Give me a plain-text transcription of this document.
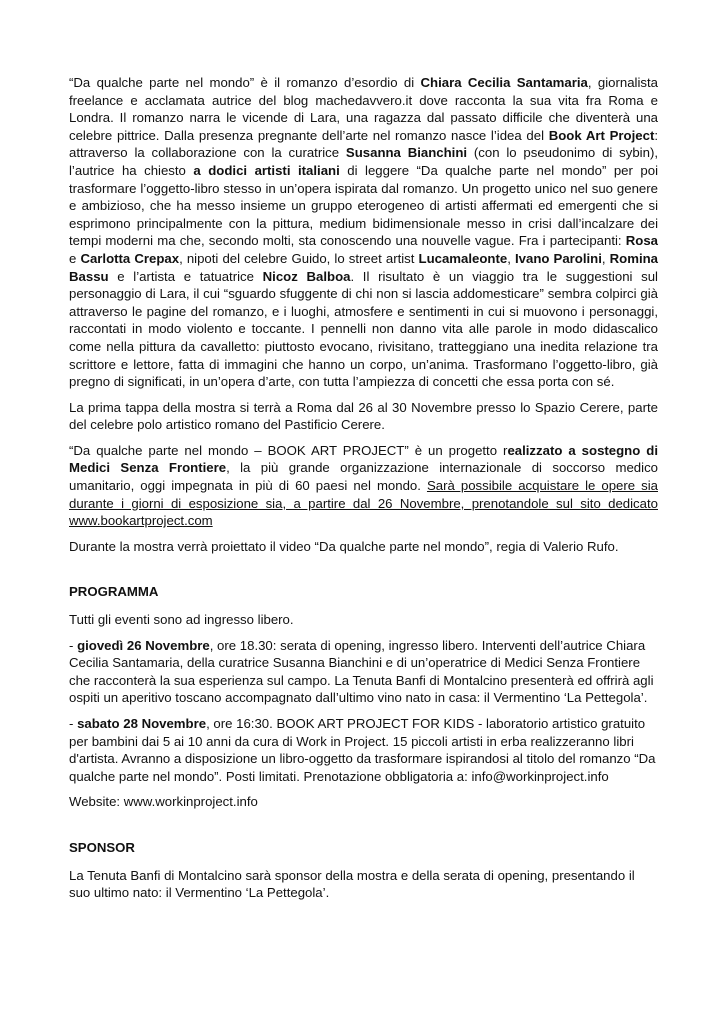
“Da qualche parte nel mondo” è il romanzo d’esordio di Chiara Cecilia Santamaria, giornalista freelance e acclamata autrice del blog machedavvero.it dove racconta la sua vita fra Roma e Londra. Il romanzo narra le vicende di Lara, una ragazza dal passato difficile che diventerà una celebre pittrice. Dalla presenza pregnante dell’arte nel romanzo nasce l’idea del Book Art Project: attraverso la collaborazione con la curatrice Susanna Bianchini (con lo pseudonimo di sybin), l’autrice ha chiesto a dodici artisti italiani di leggere “Da qualche parte nel mondo” per poi trasformare l’oggetto-libro stesso in un’opera ispirata dal romanzo. Un progetto unico nel suo genere e ambizioso, che ha messo insieme un gruppo eterogeneo di artisti affermati ed emergenti che si esprimono principalmente con la pittura, medium bidimensionale messo in crisi dall’incalzare dei tempi moderni ma che, secondo molti, sta conoscendo una nouvelle vague. Fra i partecipanti: Rosa e Carlotta Crepax, nipoti del celebre Guido, lo street artist Lucamaleonte, Ivano Parolini, Romina Bassu e l’artista e tatuatrice Nicoz Balboa. Il risultato è un viaggio tra le suggestioni sul personaggio di Lara, il cui “sguardo sfuggente di chi non si lascia addomesticare” sembra colpirci già attraverso le pagine del romanzo, e i luoghi, atmosfere e sentimenti in cui si muovono i personaggi, raccontati in modo violento e toccante. I pennelli non danno vita alle parole in modo didascalico come nella pittura da cavalletto: piuttosto evocano, rivisitano, tratteggiano una inedita relazione tra scrittore e lettore, fatta di immagini che hanno un corpo, un’anima. Trasformano l’oggetto-libro, già pregno di significati, in un’opera d’arte, con tutta l’ampiezza di concetti che essa porta con sé.

La prima tappa della mostra si terrà a Roma dal 26 al 30 Novembre presso lo Spazio Cerere, parte del celebre polo artistico romano del Pastificio Cerere.

“Da qualche parte nel mondo – BOOK ART PROJECT” è un progetto realizzato a sostegno di Medici Senza Frontiere, la più grande organizzazione internazionale di soccorso medico umanitario, oggi impegnata in più di 60 paesi nel mondo. Sarà possibile acquistare le opere sia durante i giorni di esposizione sia, a partire dal 26 Novembre, prenotandole sul sito dedicato www.bookartproject.com

Durante la mostra verrà proiettato il video “Da qualche parte nel mondo”, regia di Valerio Rufo.

PROGRAMMA

Tutti gli eventi sono ad ingresso libero.

- giovedì 26 Novembre, ore 18.30: serata di opening, ingresso libero. Interventi dell’autrice Chiara Cecilia Santamaria, della curatrice Susanna Bianchini e di un’operatrice di Medici Senza Frontiere che racconterà la sua esperienza sul campo. La Tenuta Banfi di Montalcino presenterà ed offrirà agli ospiti un aperitivo toscano accompagnato dall’ultimo vino nato in casa: il Vermentino ‘La Pettegola’.

- sabato 28 Novembre, ore 16:30. BOOK ART PROJECT FOR KIDS - laboratorio artistico gratuito per bambini dai 5 ai 10 anni da cura di Work in Project. 15 piccoli artisti in erba realizzeranno libri d'artista. Avranno a disposizione un libro-oggetto da trasformare ispirandosi al titolo del romanzo “Da qualche parte nel mondo”. Posti limitati. Prenotazione obbligatoria a: info@workinproject.info

Website: www.workinproject.info

SPONSOR

La Tenuta Banfi di Montalcino sarà sponsor della mostra e della serata di opening, presentando il suo ultimo nato: il Vermentino ‘La Pettegola’.
